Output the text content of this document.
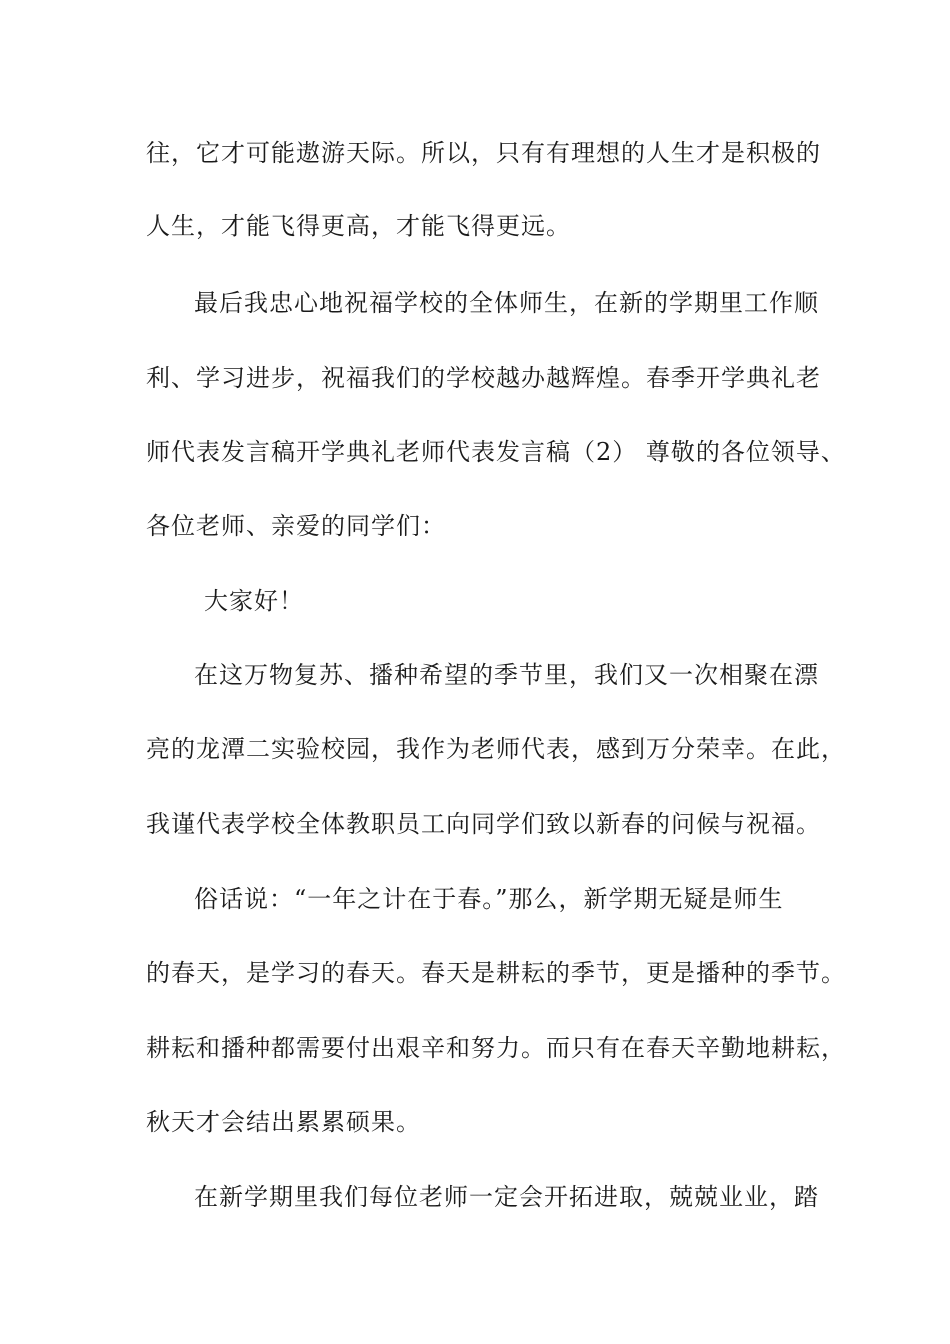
往，它才可能遨游天际。所以，只有有理想的人生才是积极的
人生，才能飞得更高，才能飞得更远。
最后我忠心地祝福学校的全体师生，在新的学期里工作顺
利、学习进步，祝福我们的学校越办越辉煌。春季开学典礼老
师代表发言稿开学典礼老师代表发言稿（2） 尊敬的各位领导、
各位老师、亲爱的同学们：
大家好！
在这万物复苏、播种希望的季节里，我们又一次相聚在漂
亮的龙潭二实验校园，我作为老师代表，感到万分荣幸。在此，
我谨代表学校全体教职员工向同学们致以新春的问候与祝福。
俗话说：“一年之计在于春。”那么，新学期无疑是师生
的春天，是学习的春天。春天是耕耘的季节，更是播种的季节。
耕耘和播种都需要付出艰辛和努力。而只有在春天辛勤地耕耘，
秋天才会结出累累硕果。
在新学期里我们每位老师一定会开拓进取，兢兢业业，踏
